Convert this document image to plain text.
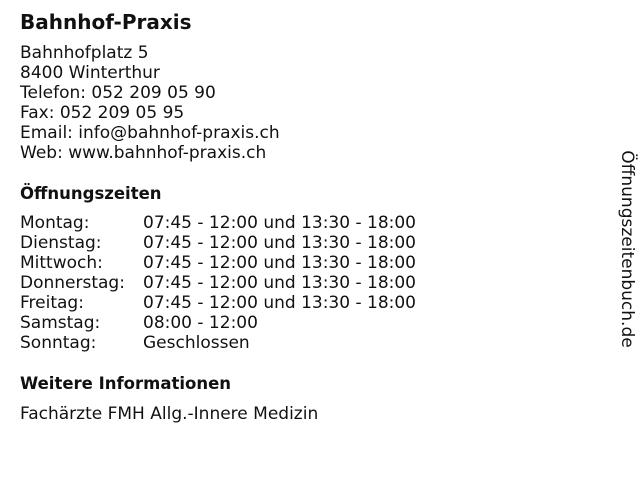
Bahnhof-Praxis
Bahnhofplatz 5
8400 Winterthur
Telefon: 052 209 05 90
Fax: 052 209 05 95
Email: info@bahnhof-praxis.ch
Web: www.bahnhof-praxis.ch
Öffnungszeiten
Montag:	07:45 - 12:00 und 13:30 - 18:00
Dienstag:	07:45 - 12:00 und 13:30 - 18:00
Mittwoch:	07:45 - 12:00 und 13:30 - 18:00
Donnerstag:	07:45 - 12:00 und 13:30 - 18:00
Freitag:	07:45 - 12:00 und 13:30 - 18:00
Samstag:	08:00 - 12:00
Sonntag:	Geschlossen
Weitere Informationen
Fachärzte FMH Allg.-Innere Medizin
Öffnungszeitenbuch.de
